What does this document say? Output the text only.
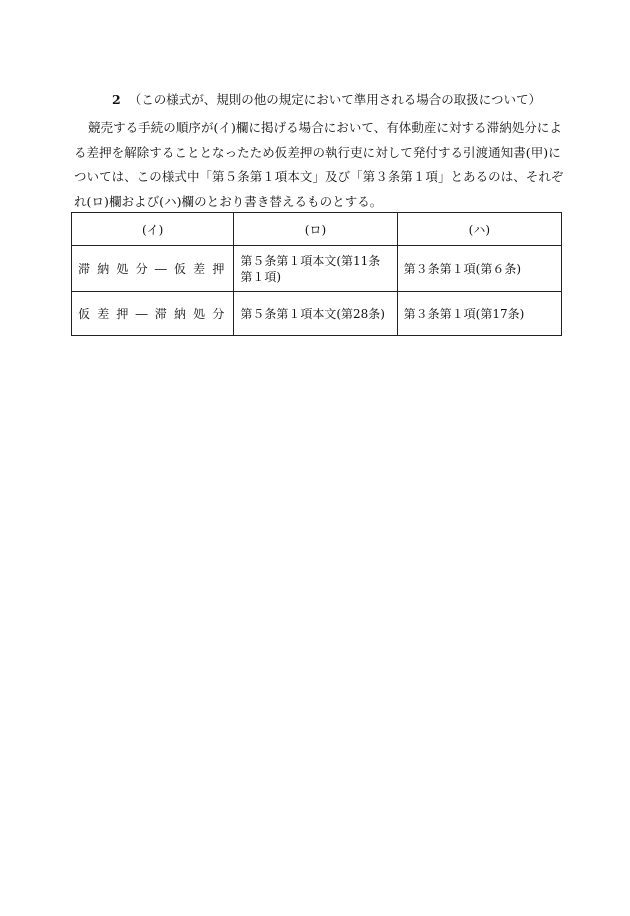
2 （この様式が、規則の他の規定において準用される場合の取扱について）
競売する手続の順序が(イ)欄に掲げる場合において、有体動産に対する滞納処分による差押を解除することとなったため仮差押の執行吏に対して発付する引渡通知書(甲)については、この様式中「第５条第１項本文」及び「第３条第１項」とあるのは、それぞれ(ロ)欄および(ハ)欄のとおり書き替えるものとする。
(イ)	(ロ)	(ハ)
滞納処分―仮差押	第５条第１項本文(第11条第１項)	第３条第１項(第６条)
仮差押―滞納処分	第５条第１項本文(第28条)	第３条第１項(第17条)
